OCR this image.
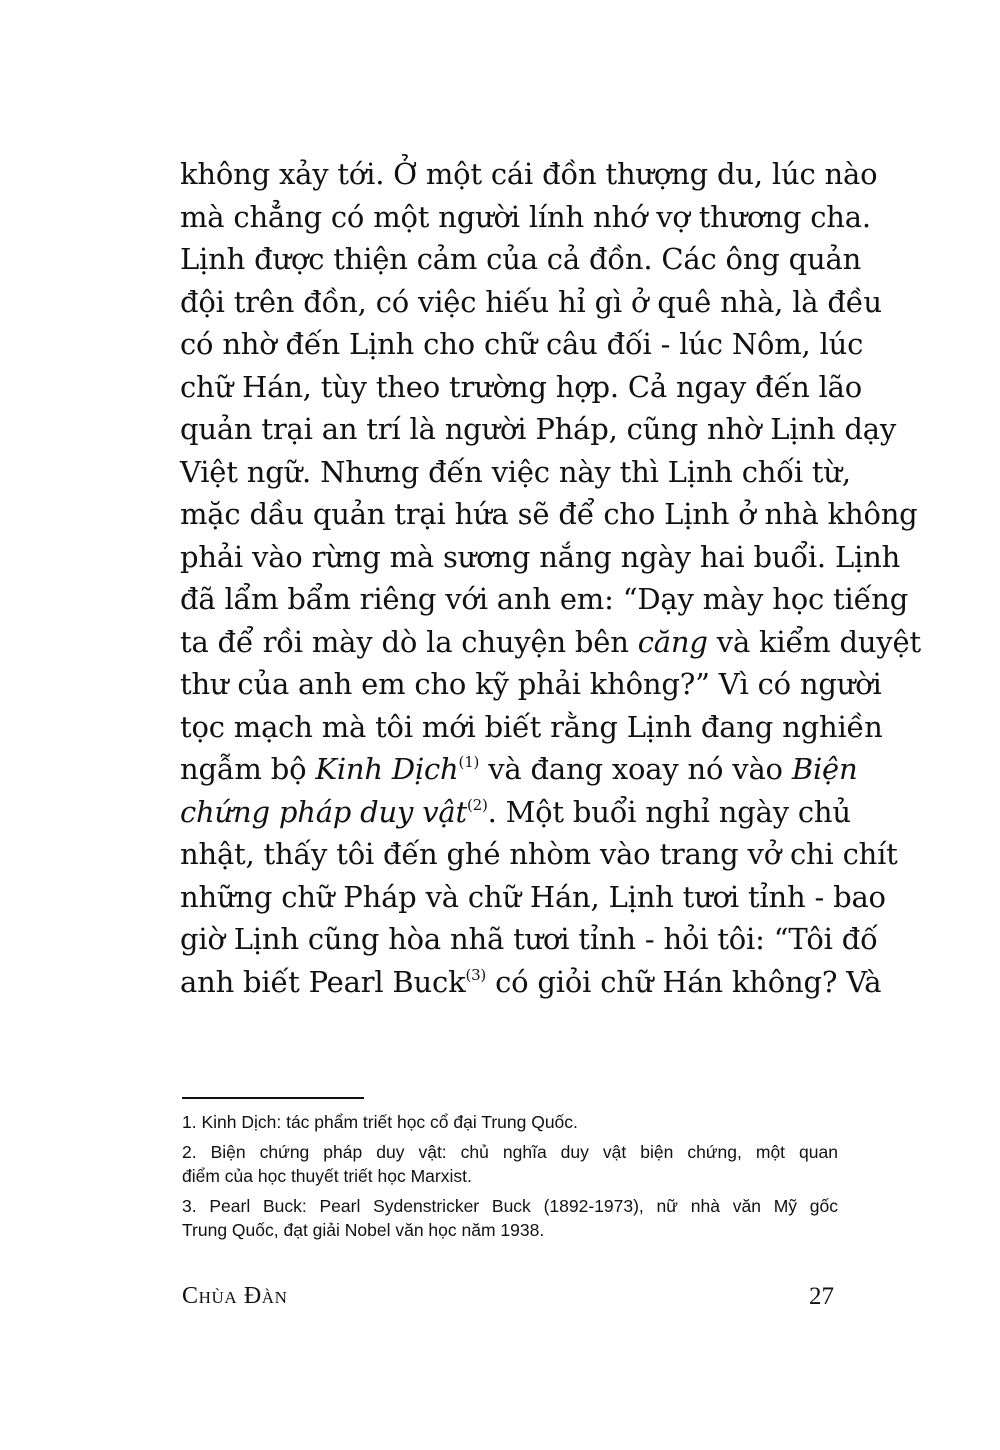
không xảy tới. Ở một cái đồn thượng du, lúc nào
mà chẳng có một người lính nhớ vợ thương cha.
Lịnh được thiện cảm của cả đồn. Các ông quản
đội trên đồn, có việc hiếu hỉ gì ở quê nhà, là đều
có nhờ đến Lịnh cho chữ câu đối - lúc Nôm, lúc
chữ Hán, tùy theo trường hợp. Cả ngay đến lão
quản trại an trí là người Pháp, cũng nhờ Lịnh dạy
Việt ngữ. Nhưng đến việc này thì Lịnh chối từ,
mặc dầu quản trại hứa sẽ để cho Lịnh ở nhà không
phải vào rừng mà sương nắng ngày hai buổi. Lịnh
đã lẩm bẩm riêng với anh em: “Dạy mày học tiếng
ta để rồi mày dò la chuyện bên căng và kiểm duyệt
thư của anh em cho kỹ phải không?” Vì có người
tọc mạch mà tôi mới biết rằng Lịnh đang nghiền
ngẫm bộ Kinh Dịch$^{(1)}$ và đang xoay nó vào Biện
chứng pháp duy vật$^{(2)}$. Một buổi nghỉ ngày chủ
nhật, thấy tôi đến ghé nhòm vào trang vở chi chít
những chữ Pháp và chữ Hán, Lịnh tươi tỉnh - bao
giờ Lịnh cũng hòa nhã tươi tỉnh - hỏi tôi: “Tôi đố
anh biết Pearl Buck$^{(3)}$ có giỏi chữ Hán không? Và
1. Kinh Dịch: tác phẩm triết học cổ đại Trung Quốc.
2. Biện chứng pháp duy vật: chủ nghĩa duy vật biện chứng, một quan
điểm của học thuyết triết học Marxist.
3. Pearl Buck: Pearl Sydenstricker Buck (1892-1973), nữ nhà văn Mỹ gốc
Trung Quốc, đạt giải Nobel văn học năm 1938.
Chùa Đàn	27
